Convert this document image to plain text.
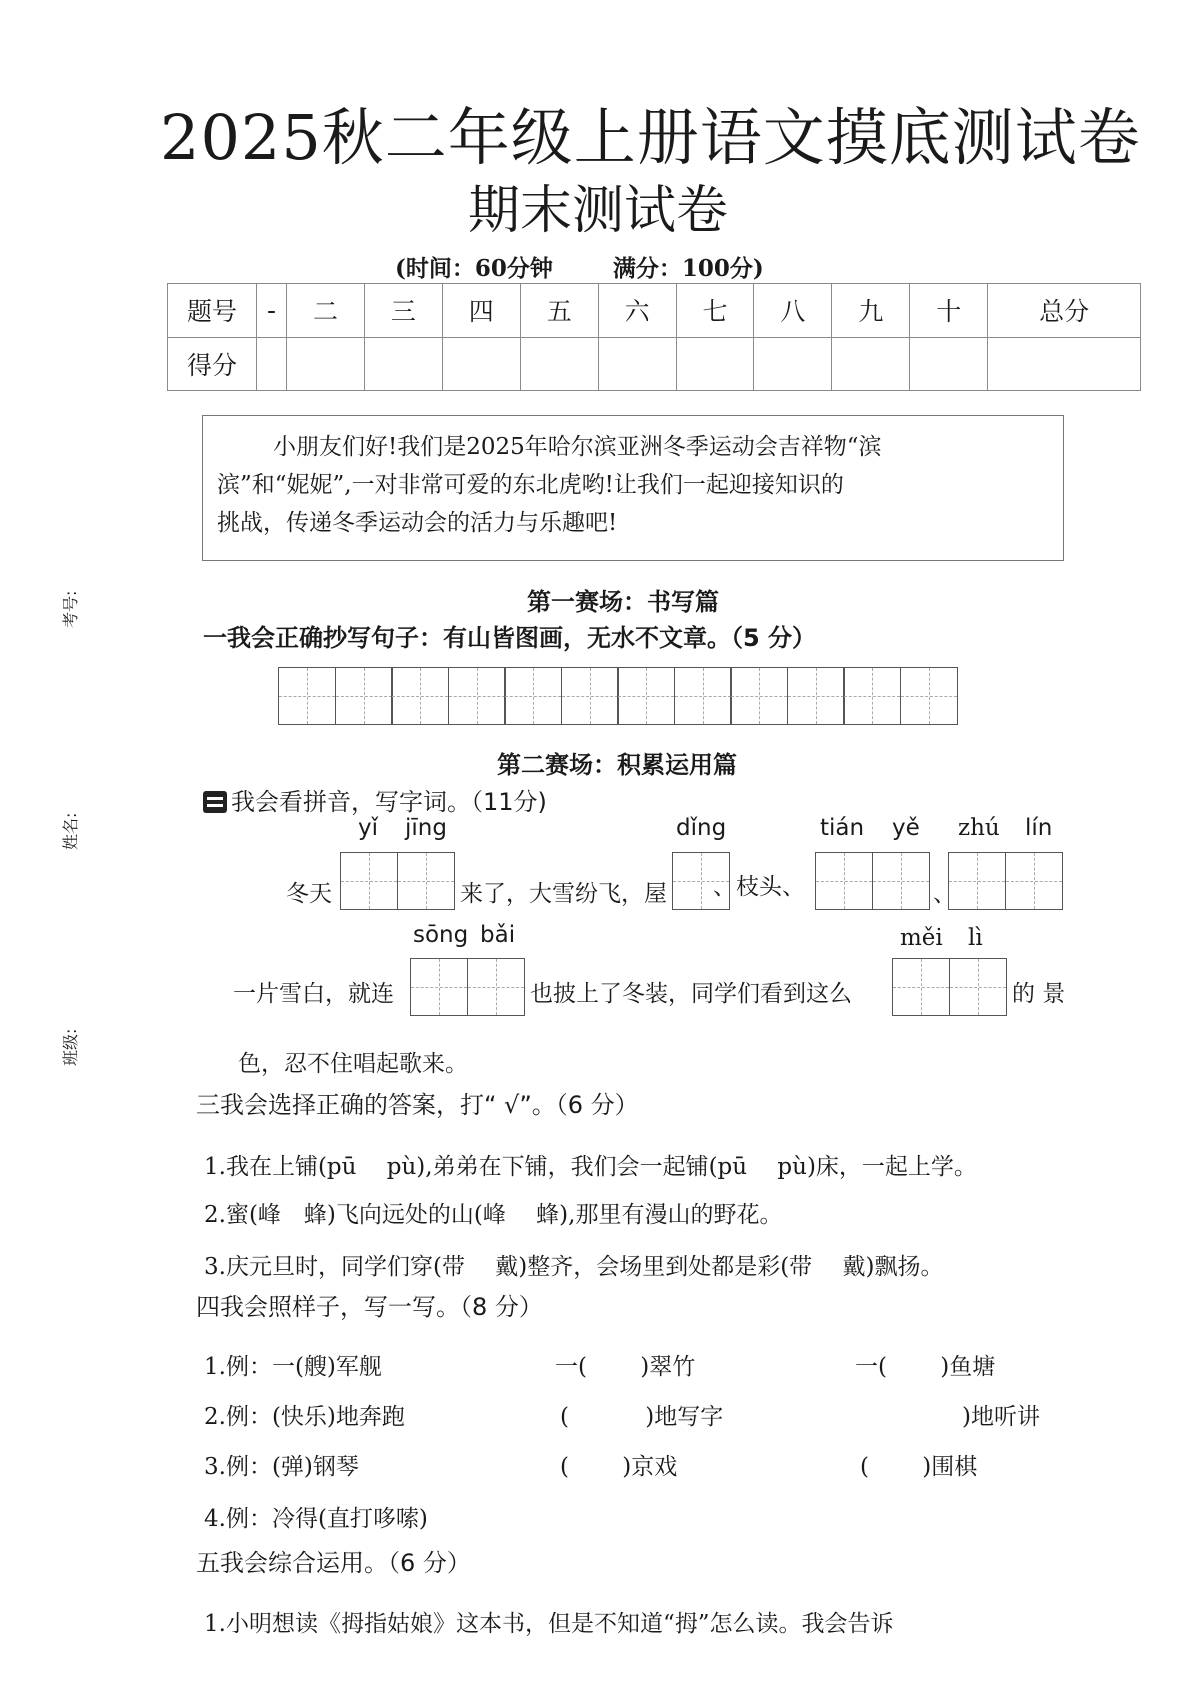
2025秋二年级上册语文摸底测试卷
期末测试卷
(时间：60分钟	满分：100分)
题号	-	二	三	四	五	六	七	八	九	十	总分
得分											

小朋友们好!我们是2025年哈尔滨亚洲冬季运动会吉祥物“滨

滨”和“妮妮”,一对非常可爱的东北虎哟!让我们一起迎接知识的
挑战，传递冬季运动会的活力与乐趣吧!
考号:
姓名:
班级:
第一赛场：书写篇
一我会正确抄写句子：有山皆图画，无水不文章。（5 分）
第二赛场：积累运用篇
我会看拼音，写字词。（11分)
yǐ jīng	dǐng	tián yě zhú lín
冬天	来了，大雪纷飞，屋 、枝头、	、
sōng bǎi	měi lì
一片雪白，就连	也披上了冬装，同学们看到这么	的 景
色，忍不住唱起歌来。
三我会选择正确的答案，打“ √”。（6 分）
1.我在上铺(pū　 pù),弟弟在下铺，我们会一起铺(pū　 pù)床，一起上学。
2.蜜(峰　蜂)飞向远处的山(峰　 蜂),那里有漫山的野花。
3.庆元旦时，同学们穿(带　 戴)整齐，会场里到处都是彩(带　 戴)飘扬。
四我会照样子，写一写。（8 分）
1.例：一(艘)军舰	一(　　 )翠竹	一(　　 )鱼塘
2.例：(快乐)地奔跑	(　　　 )地写字	)地听讲
3.例：(弹)钢琴	(　　 )京戏	(　　 )围棋
4.例：冷得(直打哆嗦)
五我会综合运用。（6 分）
1.小明想读《拇指姑娘》这本书，但是不知道“拇”怎么读。我会告诉
